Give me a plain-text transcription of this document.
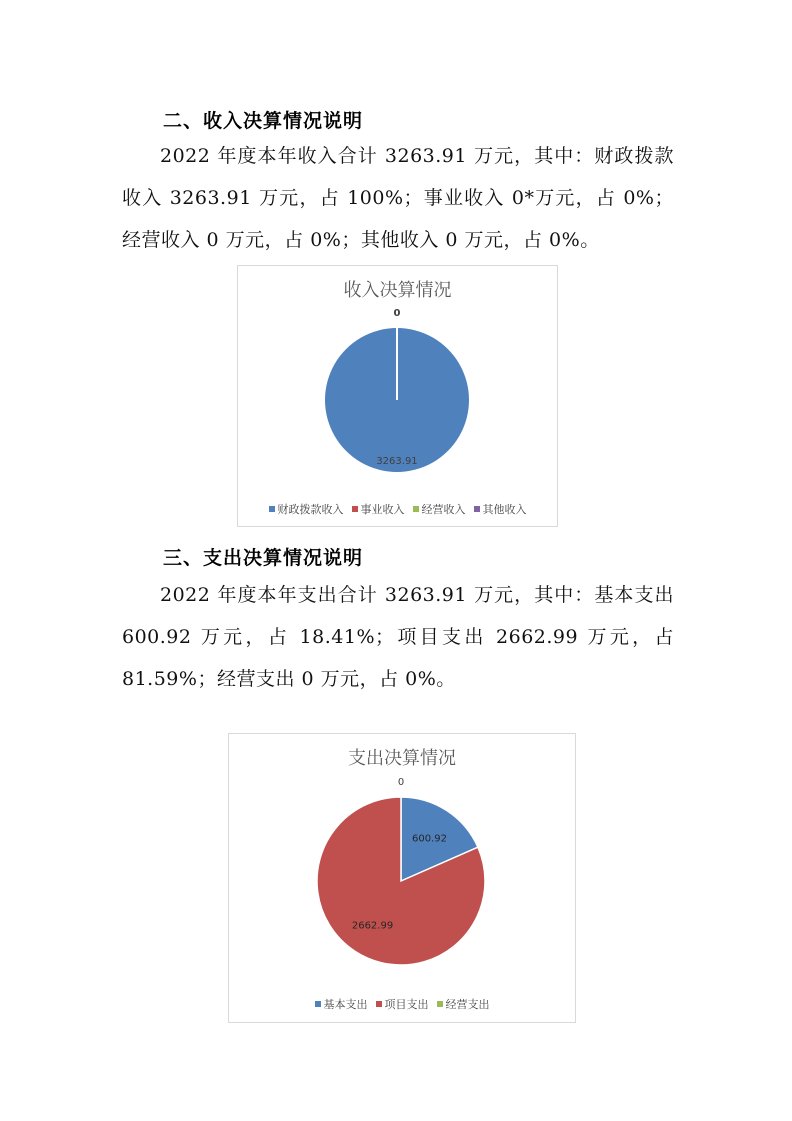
二、收入决算情况说明
2022 年度本年收入合计 3263.91 万元，其中：财政拨款收入 3263.91 万元，占 100%；事业收入 0*万元，占 0%；经营收入 0 万元，占 0%；其他收入 0 万元，占 0%。
收入决算情况
3263.91
0
财政拨款收入 事业收入 经营收入 其他收入
三、支出决算情况说明
2022 年度本年支出合计 3263.91 万元，其中：基本支出 600.92 万元，占 18.41%；项目支出 2662.99 万元，占 81.59%；经营支出 0 万元，占 0%。
支出决算情况
600.92
2662.99
0
基本支出 项目支出 经营支出
